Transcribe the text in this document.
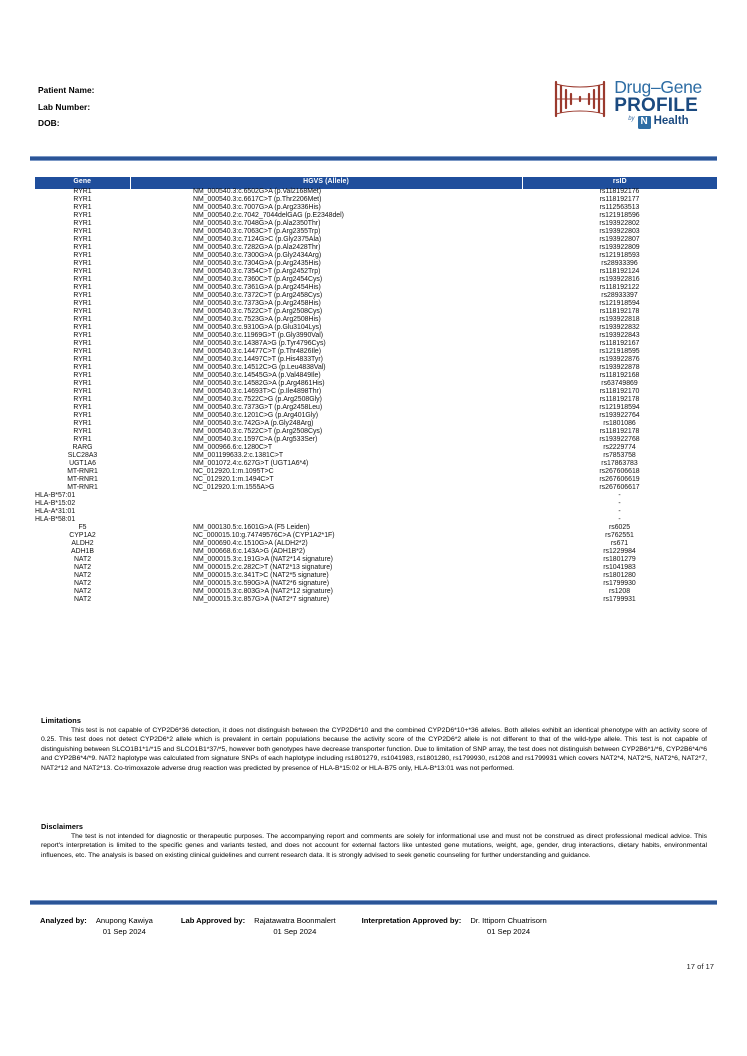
Patient Name:
Lab Number:
DOB:
Drug–Gene
PROFILE
by N Health
Gene	HGVS (Allele)	rsID
RYR1	NM_000540.3:c.6502G>A (p.Val2168Met)	rs118192176
RYR1	NM_000540.3:c.6617C>T (p.Thr2206Met)	rs118192177
RYR1	NM_000540.3:c.7007G>A (p.Arg2336His)	rs112563513
RYR1	NM_000540.2:c.7042_7044delGAG (p.E2348del)	rs121918596
RYR1	NM_000540.3:c.7048G>A (p.Ala2350Thr)	rs193922802
RYR1	NM_000540.3:c.7063C>T (p.Arg2355Trp)	rs193922803
RYR1	NM_000540.3:c.7124G>C (p.Gly2375Ala)	rs193922807
RYR1	NM_000540.3:c.7282G>A (p.Ala2428Thr)	rs193922809
RYR1	NM_000540.3:c.7300G>A (p.Gly2434Arg)	rs121918593
RYR1	NM_000540.3:c.7304G>A (p.Arg2435His)	rs28933396
RYR1	NM_000540.3:c.7354C>T (p.Arg2452Trp)	rs118192124
RYR1	NM_000540.3:c.7360C>T (p.Arg2454Cys)	rs193922816
RYR1	NM_000540.3:c.7361G>A (p.Arg2454His)	rs118192122
RYR1	NM_000540.3:c.7372C>T (p.Arg2458Cys)	rs28933397
RYR1	NM_000540.3:c.7373G>A (p.Arg2458His)	rs121918594
RYR1	NM_000540.3:c.7522C>T (p.Arg2508Cys)	rs118192178
RYR1	NM_000540.3:c.7523G>A (p.Arg2508His)	rs193922818
RYR1	NM_000540.3:c.9310G>A (p.Glu3104Lys)	rs193922832
RYR1	NM_000540.3:c.11969G>T (p.Gly3990Val)	rs193922843
RYR1	NM_000540.3:c.14387A>G (p.Tyr4796Cys)	rs118192167
RYR1	NM_000540.3:c.14477C>T (p.Thr4826Ile)	rs121918595
RYR1	NM_000540.3:c.14497C>T (p.His4833Tyr)	rs193922876
RYR1	NM_000540.3:c.14512C>G (p.Leu4838Val)	rs193922878
RYR1	NM_000540.3:c.14545G>A (p.Val4849Ile)	rs118192168
RYR1	NM_000540.3:c.14582G>A (p.Arg4861His)	rs63749869
RYR1	NM_000540.3:c.14693T>C (p.Ile4898Thr)	rs118192170
RYR1	NM_000540.3:c.7522C>G (p.Arg2508Gly)	rs118192178
RYR1	NM_000540.3:c.7373G>T (p.Arg2458Leu)	rs121918594
RYR1	NM_000540.3:c.1201C>G (p.Arg401Gly)	rs193922764
RYR1	NM_000540.3:c.742G>A (p.Gly248Arg)	rs1801086
RYR1	NM_000540.3:c.7522C>T (p.Arg2508Cys)	rs118192178
RYR1	NM_000540.3:c.1597C>A (p.Arg533Ser)	rs193922768
RARG	NM_000966.6:c.1280C>T	rs2229774
SLC28A3	NM_001199633.2:c.1381C>T	rs7853758
UGT1A6	NM_001072.4:c.627G>T (UGT1A6*4)	rs17863783
MT-RNR1	NC_012920.1:m.1095T>C	rs267606618
MT-RNR1	NC_012920.1:m.1494C>T	rs267606619
MT-RNR1	NC_012920.1:m.1555A>G	rs267606617
HLA-B*57:01		-
HLA-B*15:02		-
HLA-A*31:01		-
HLA-B*58:01		-
F5	NM_000130.5:c.1601G>A (F5 Leiden)	rs6025
CYP1A2	NC_000015.10:g.74749576C>A (CYP1A2*1F)	rs762551
ALDH2	NM_000690.4:c.1510G>A (ALDH2*2)	rs671
ADH1B	NM_000668.6:c.143A>G (ADH1B*2)	rs1229984
NAT2	NM_000015.3:c.191G>A (NAT2*14 signature)	rs1801279
NAT2	NM_000015.2:c.282C>T (NAT2*13 signature)	rs1041983
NAT2	NM_000015.3:c.341T>C (NAT2*5 signature)	rs1801280
NAT2	NM_000015.3:c.590G>A (NAT2*6 signature)	rs1799930
NAT2	NM_000015.3:c.803G>A (NAT2*12 signature)	rs1208
NAT2	NM_000015.3:c.857G>A (NAT2*7 signature)	rs1799931
Limitations

This test is not capable of CYP2D6*36 detection, it does not distinguish between the CYP2D6*10 and the combined CYP2D6*10+*36 alleles. Both alleles exhibit an identical phenotype with an activity score of 0.25. This test does not detect CYP2D6*2 allele which is prevalent in certain populations because the activity score of the CYP2D6*2 allele is not different to that of the wild-type allele. This test is not capable of distinguishing between SLCO1B1*1/*15 and SLCO1B1*37/*5, however both genotypes have decrease transporter function. Due to limitation of SNP array, the test does not distinguish between CYP2B6*1/*6, CYP2B6*4/*6 and CYP2B6*4/*9. NAT2 haplotype was calculated from signature SNPs of each haplotype including rs1801279, rs1041983, rs1801280, rs1799930, rs1208 and rs1799931 which covers NAT2*4, NAT2*5, NAT2*6, NAT2*7, NAT2*12 and NAT2*13. Co-trimoxazole adverse drug reaction was predicted by presence of HLA-B*15:02 or HLA-B75 only, HLA-B*13:01 was not performed.

Disclaimers

The test is not intended for diagnostic or therapeutic purposes. The accompanying report and comments are solely for informational use and must not be construed as direct professional medical advice. This report's interpretation is limited to the specific genes and variants tested, and does not account for external factors like untested gene mutations, weight, age, gender, drug interactions, dietary habits, environmental influences, etc. The analysis is based on existing clinical guidelines and current research data. It is strongly advised to seek genetic counseling for further understanding and guidance.

Analyzed by: Anupong Kawiya
01 Sep 2024
Lab Approved by: Rajatawatra Boonmalert
01 Sep 2024
Interpretation Approved by: Dr. Ittiporn Chuatrisorn
01 Sep 2024
17 of 17
